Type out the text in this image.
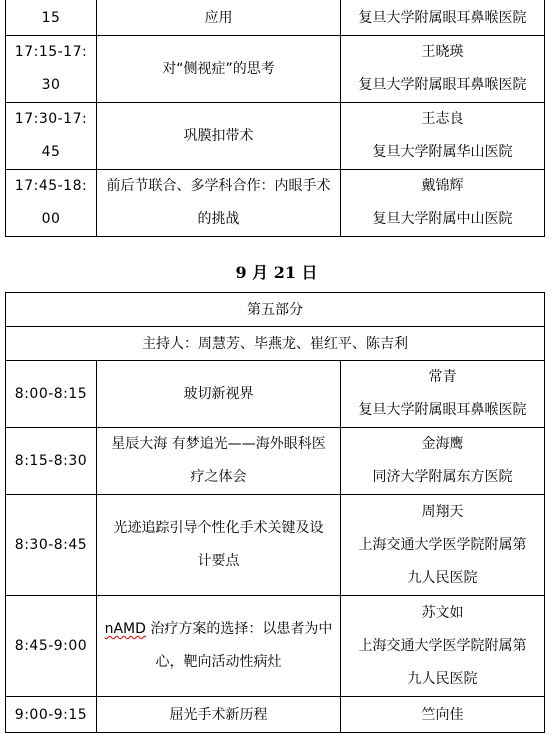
15	应用	复旦大学附属眼耳鼻喉医院

17:15-17:
30	对“侧视症”的思考	王晓瑛
复旦大学附属眼耳鼻喉医院

17:30-17:
45	巩膜扣带术	王志良
复旦大学附属华山医院

17:45-18:
00	前后节联合、多学科合作：内眼手术
的挑战	戴锦辉
复旦大学附属中山医院
9 月 21 日
第五部分		
主持人：周慧芳、毕燕龙、崔红平、陈吉利		
8:00-8:15	玻切新视界	常青
复旦大学附属眼耳鼻喉医院

8:15-8:30	星辰大海 有梦追光——海外眼科医
疗之体会	金海鹰
同济大学附属东方医院

8:30-8:45	光迹追踪引导个性化手术关键及设
计要点	周翔天
上海交通大学医学院附属第
九人民医院

8:45-9:00	nAMD 治疗方案的选择：以患者为中
心，靶向活动性病灶	苏文如
上海交通大学医学院附属第
九人民医院

9:00-9:15	屈光手术新历程	竺向佳
